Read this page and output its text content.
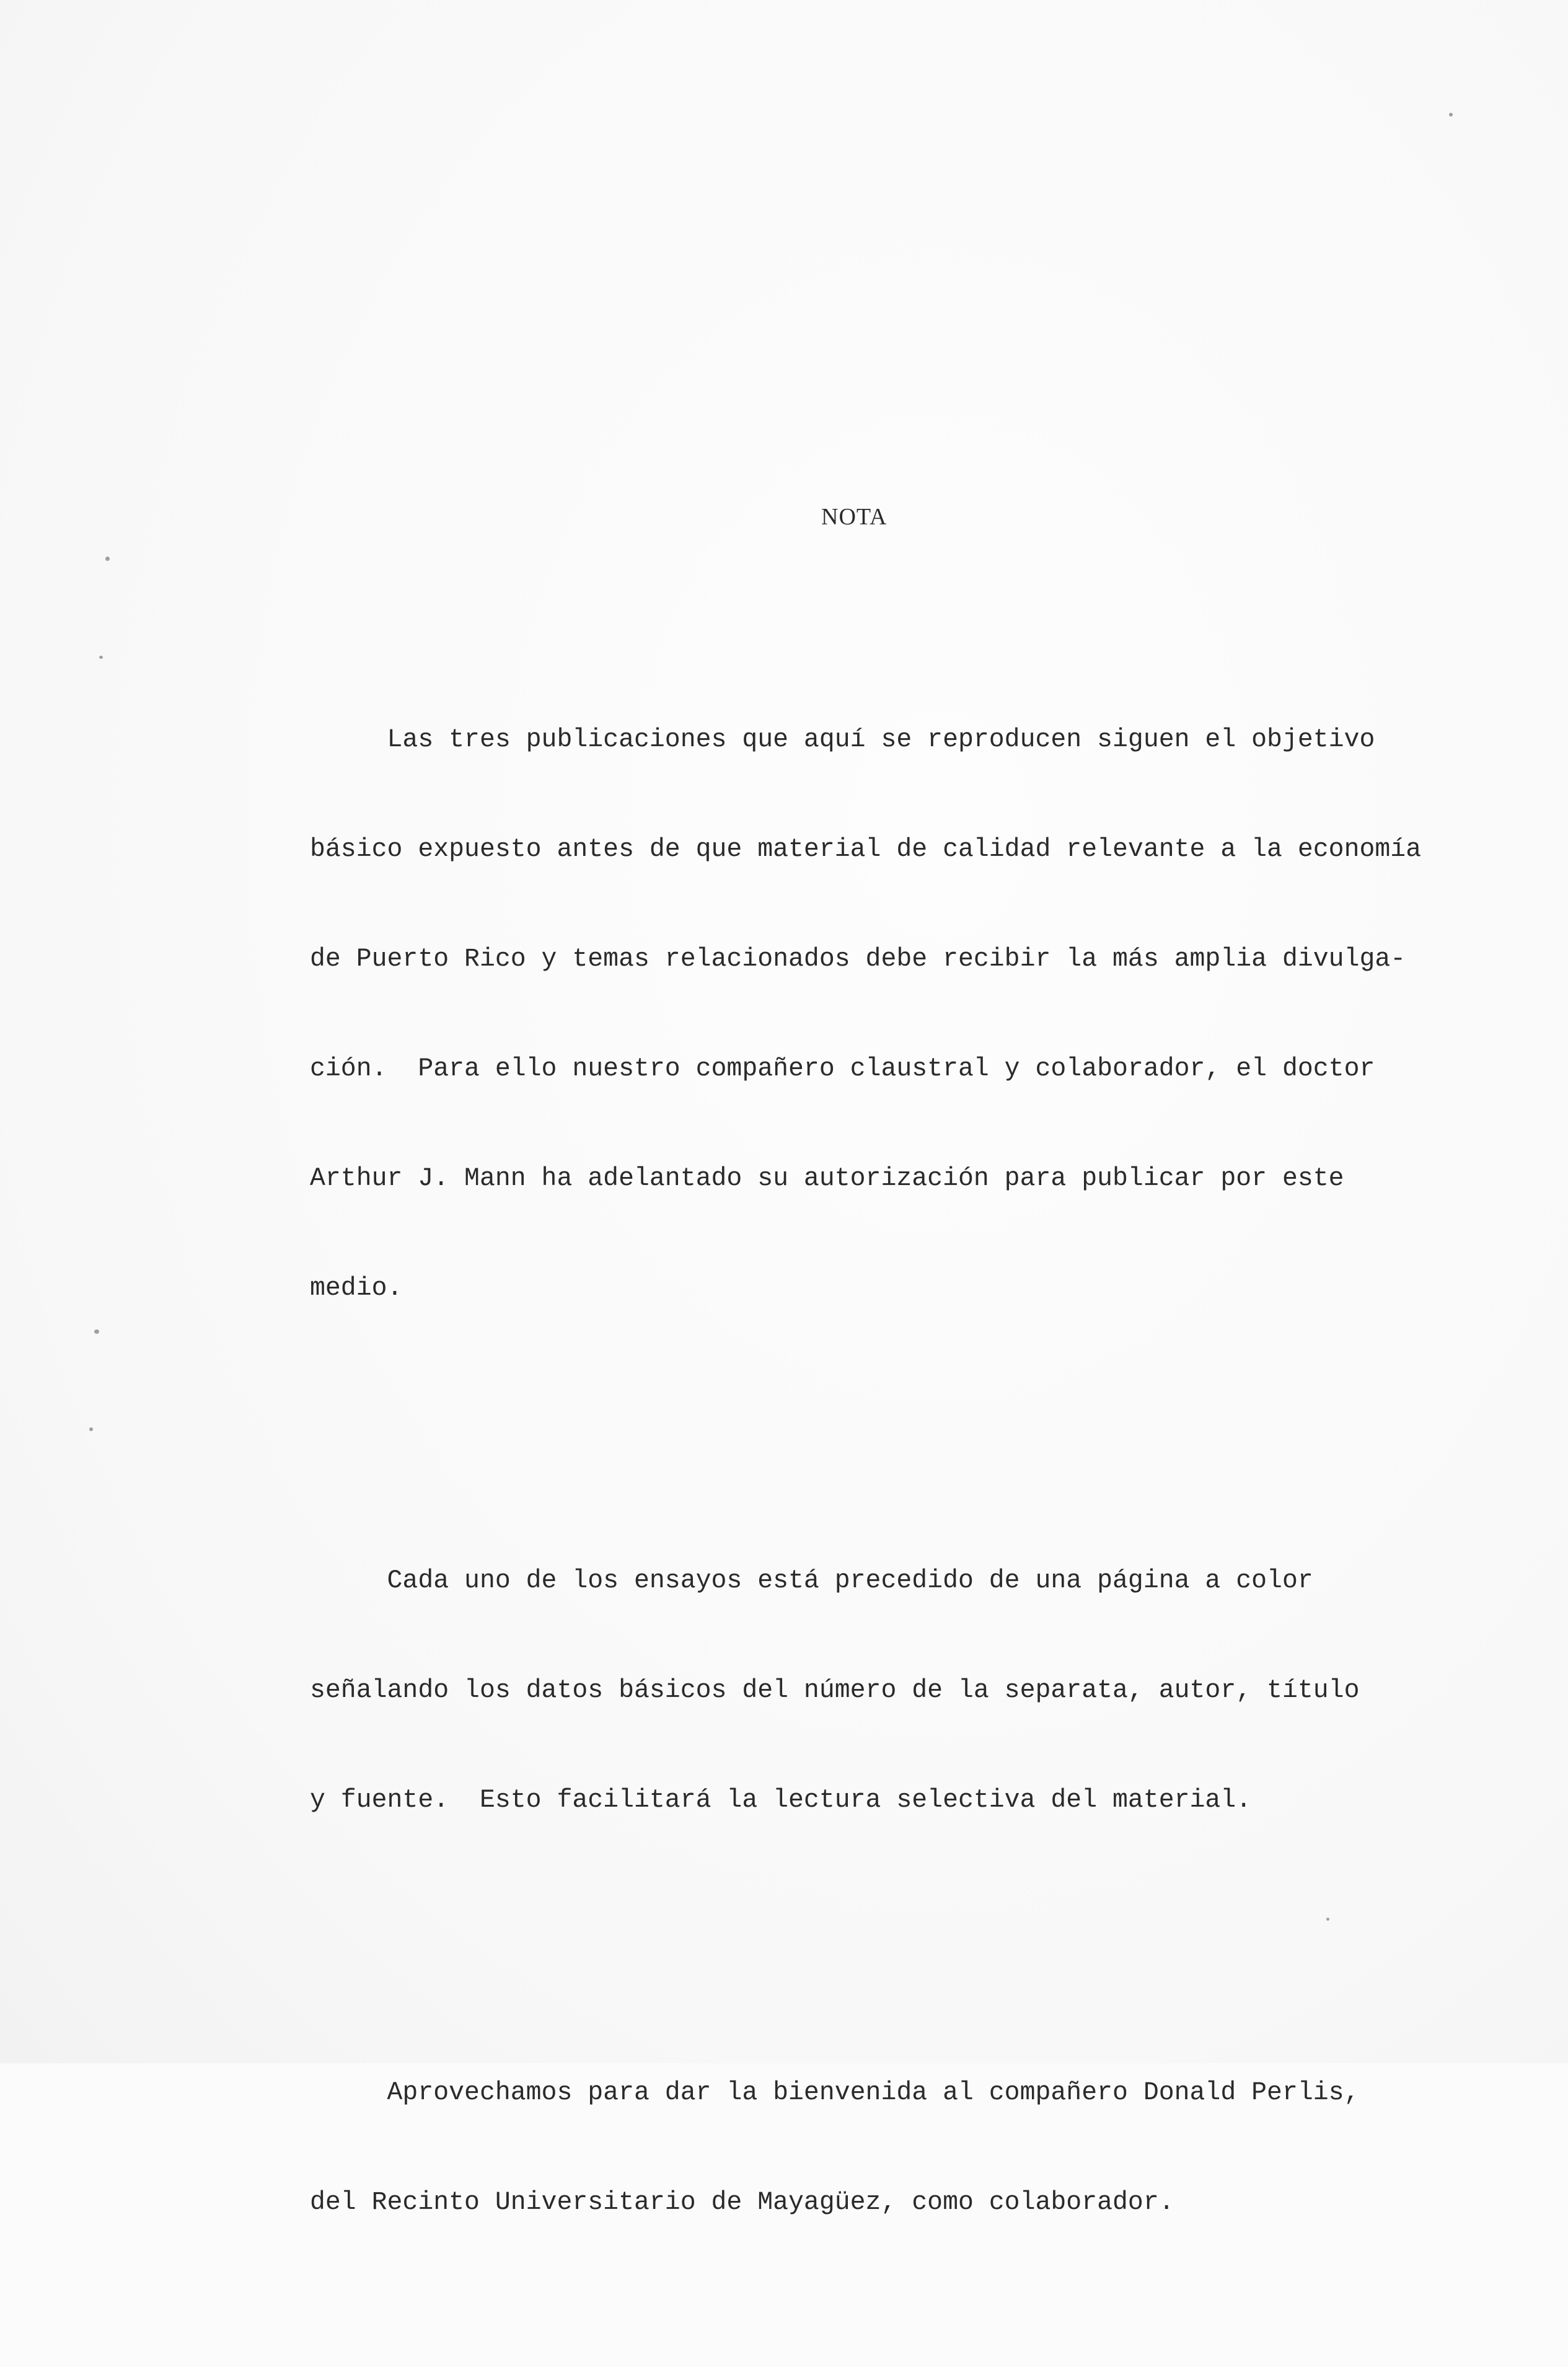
NOTA

Las tres publicaciones que aquí se reproducen siguen el objetivo

básico expuesto antes de que material de calidad relevante a la economía

de Puerto Rico y temas relacionados debe recibir la más amplia divulga-

ción.  Para ello nuestro compañero claustral y colaborador, el doctor

Arthur J. Mann ha adelantado su autorización para publicar por este

medio.

Cada uno de los ensayos está precedido de una página a color

señalando los datos básicos del número de la separata, autor, título

y fuente.  Esto facilitará la lectura selectiva del material.

Aprovechamos para dar la bienvenida al compañero Donald Perlis,

del Recinto Universitario de Mayagüez, como colaborador.
